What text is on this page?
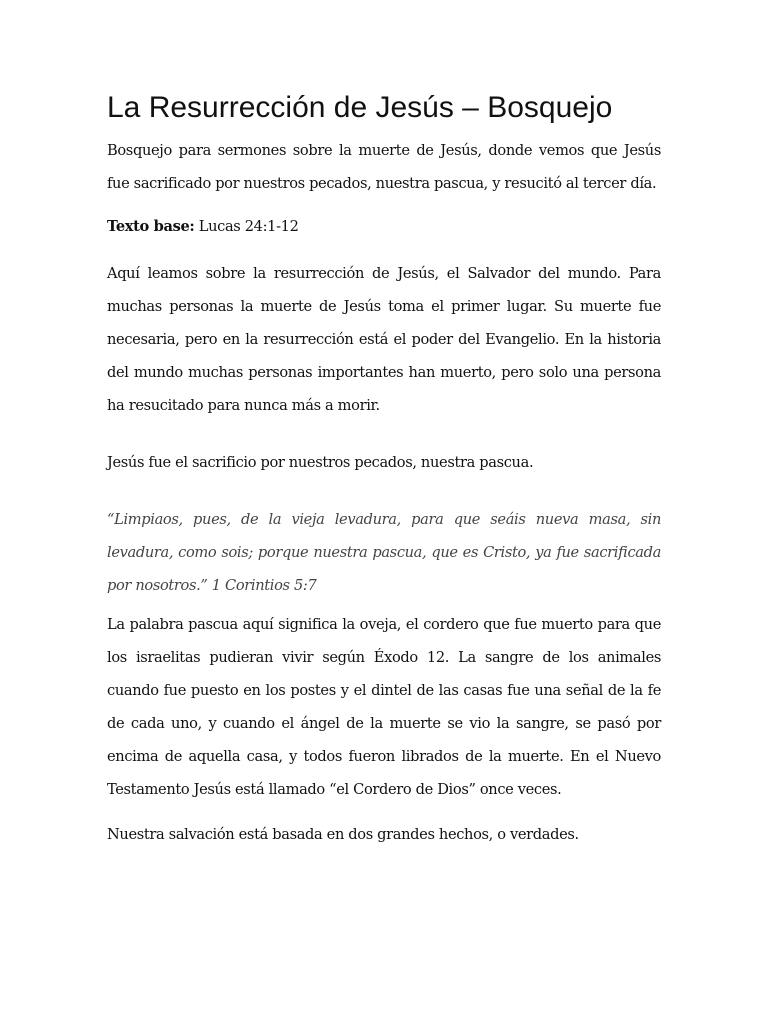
La Resurrección de Jesús – Bosquejo

Bosquejo para sermones sobre la muerte de Jesús, donde vemos que Jesús fue sacrificado por nuestros pecados, nuestra pascua, y resucitó al tercer día.

Texto base: Lucas 24:1-12

Aquí leamos sobre la resurrección de Jesús, el Salvador del mundo. Para muchas personas la muerte de Jesús toma el primer lugar. Su muerte fue necesaria, pero en la resurrección está el poder del Evangelio. En la historia del mundo muchas personas importantes han muerto, pero solo una persona ha resucitado para nunca más a morir.

Jesús fue el sacrificio por nuestros pecados, nuestra pascua.

“Limpiaos, pues, de la vieja levadura, para que seáis nueva masa, sin levadura, como sois; porque nuestra pascua, que es Cristo, ya fue sacrificada por nosotros.” 1 Corintios 5:7

La palabra pascua aquí significa la oveja, el cordero que fue muerto para que los israelitas pudieran vivir según Éxodo 12. La sangre de los animales cuando fue puesto en los postes y el dintel de las casas fue una señal de la fe de cada uno, y cuando el ángel de la muerte se vio la sangre, se pasó por encima de aquella casa, y todos fueron librados de la muerte. En el Nuevo Testamento Jesús está llamado “el Cordero de Dios” once veces.

Nuestra salvación está basada en dos grandes hechos, o verdades.
